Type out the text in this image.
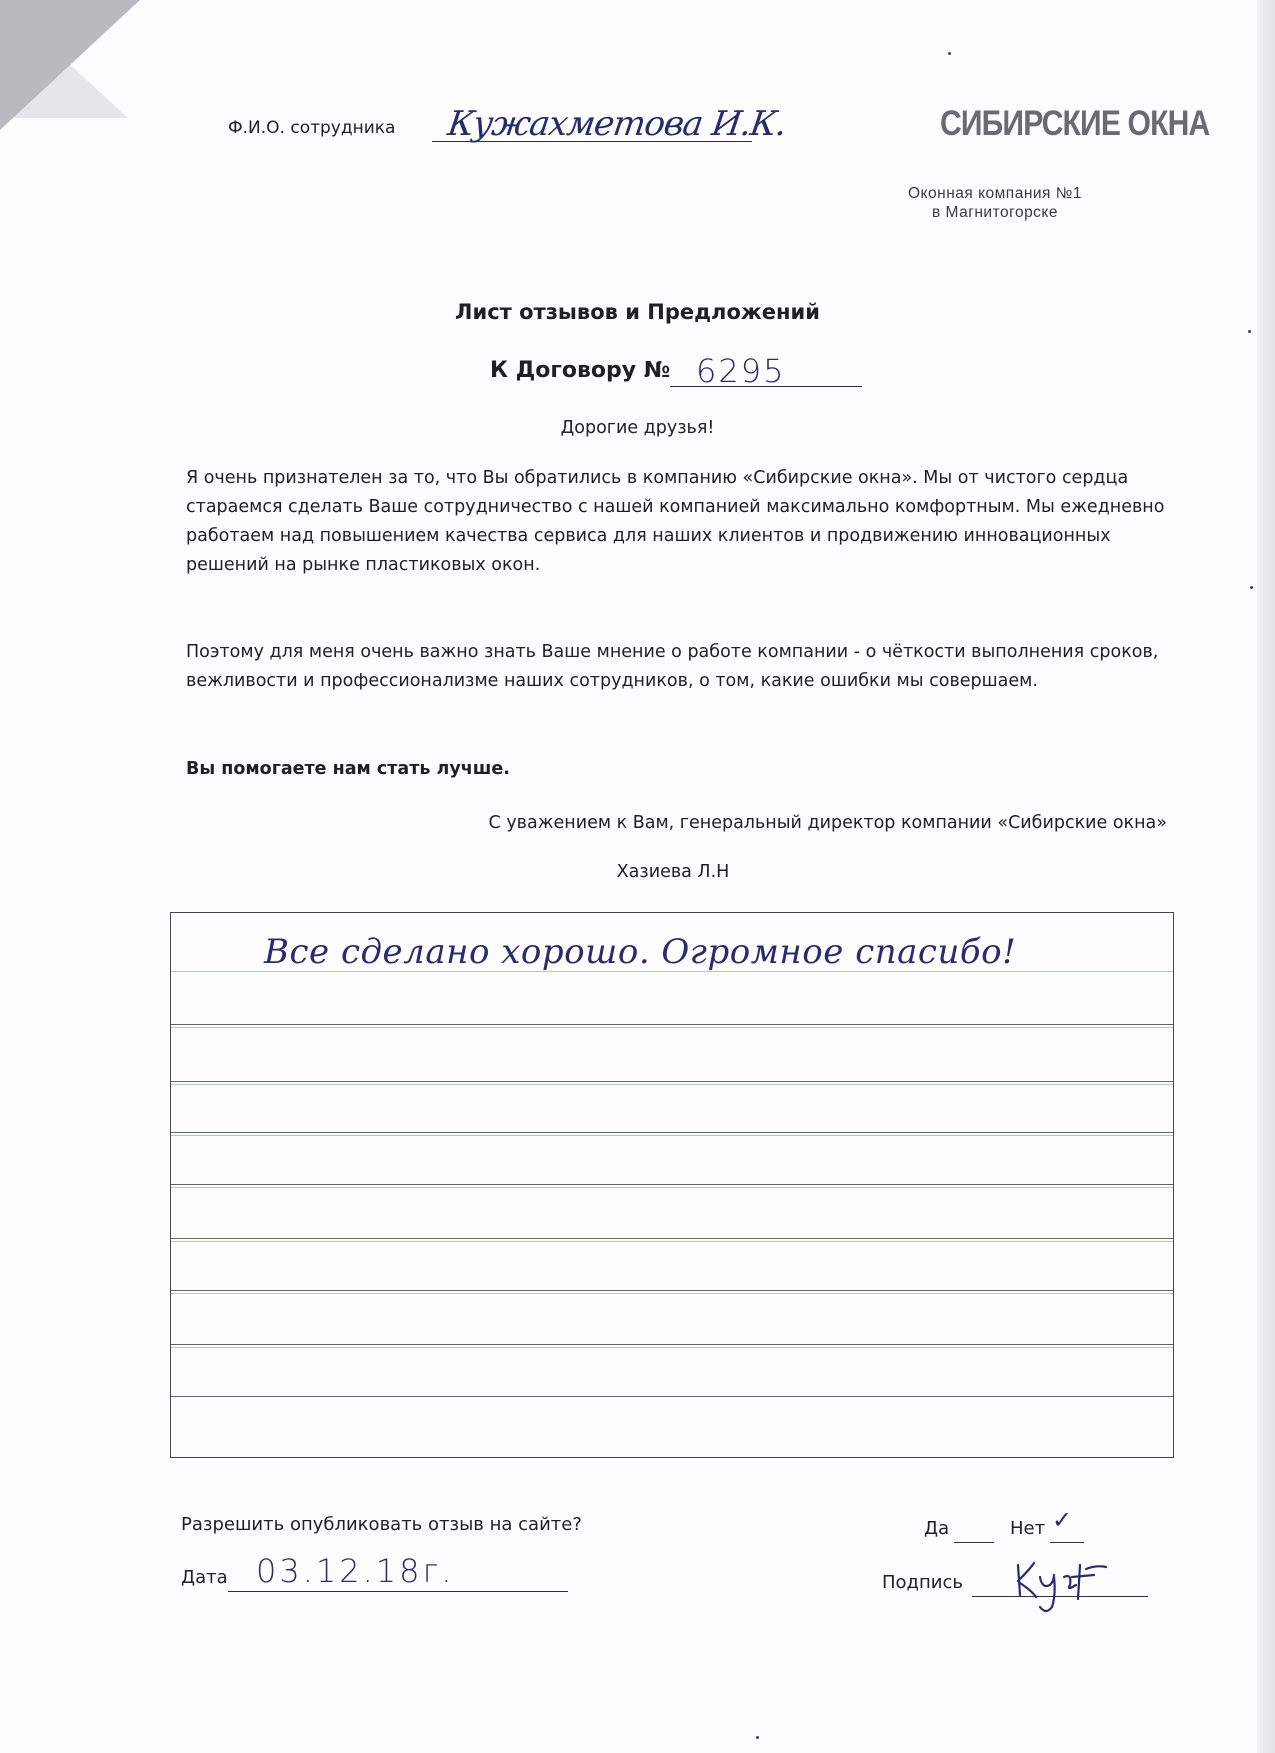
Ф.И.О. сотрудника Кужахметова И.К.	СИБИРСКИЕ ОКНА
Оконная компания №1
в Магнитогорске
Лист отзывов и Предложений
К Договору № 6295
Дорогие друзья!

Я очень признателен за то, что Вы обратились в компанию «Сибирские окна». Мы от чистого сердца стараемся сделать Ваше сотрудничество с нашей компанией максимально комфортным. Мы ежедневно работаем над повышением качества сервиса для наших клиентов и продвижению инновационных решений на рынке пластиковых окон.

Поэтому для меня очень важно знать Ваше мнение о работе компании - о чёткости выполнения сроков, вежливости и профессионализме наших сотрудников, о том, какие ошибки мы совершаем.

Вы помогаете нам стать лучше.
С уважением к Вам, генеральный директор компании «Сибирские окна»
Хазиева Л.Н
Все сделано хорошо. Огромное спасибо!
Разрешить опубликовать отзыв на сайте?	Да	Нет ✓
Дата 03.12.18г.	Подпись
